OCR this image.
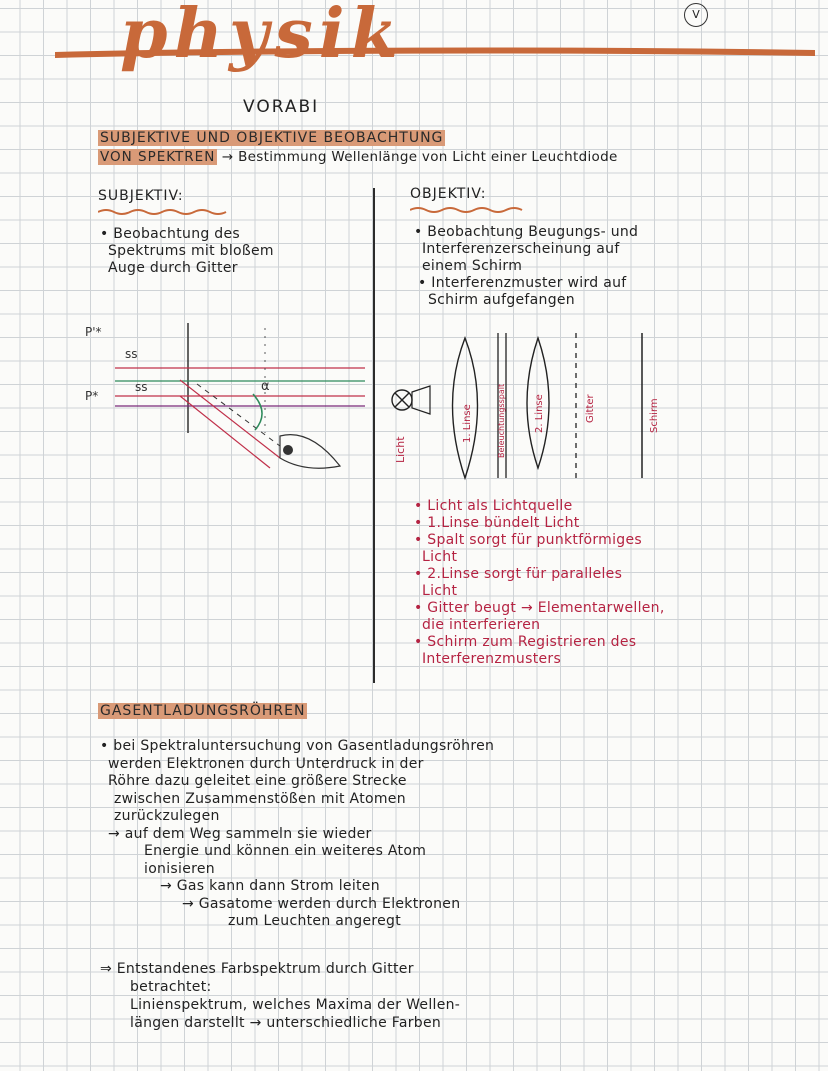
physik	V
VORABI
SUBJEKTIVE UND OBJEKTIVE BEOBACHTUNG
VON SPEKTREN → Bestimmung Wellenlänge von Licht einer Leuchtdiode
SUBJEKTIV:
• Beobachtung des
Spektrums mit bloßem
Auge durch Gitter
P'*
P*
ss
ss	α
OBJEKTIV:
• Beobachtung Beugungs- und
Interferenzerscheinung auf
einem Schirm
• Interferenzmuster wird auf
Schirm aufgefangen
Licht
1. Linse	Beleuchtungsspalt	2. Linse	Gitter	Schirm
• Licht als Lichtquelle
• 1.Linse bündelt Licht
• Spalt sorgt für punktförmiges
Licht
• 2.Linse sorgt für paralleles
Licht
• Gitter beugt → Elementarwellen,
die interferieren
• Schirm zum Registrieren des
Interferenzmusters
GASENTLADUNGSRÖHREN
• bei Spektraluntersuchung von Gasentladungsröhren
werden Elektronen durch Unterdruck in der
Röhre dazu geleitet eine größere Strecke
zwischen Zusammenstößen mit Atomen
zurückzulegen
→ auf dem Weg sammeln sie wieder
Energie und können ein weiteres Atom
ionisieren
→ Gas kann dann Strom leiten
→ Gasatome werden durch Elektronen
zum Leuchten angeregt
⇒ Entstandenes Farbspektrum durch Gitter
betrachtet:
Linienspektrum, welches Maxima der Wellen-
längen darstellt → unterschiedliche Farben
